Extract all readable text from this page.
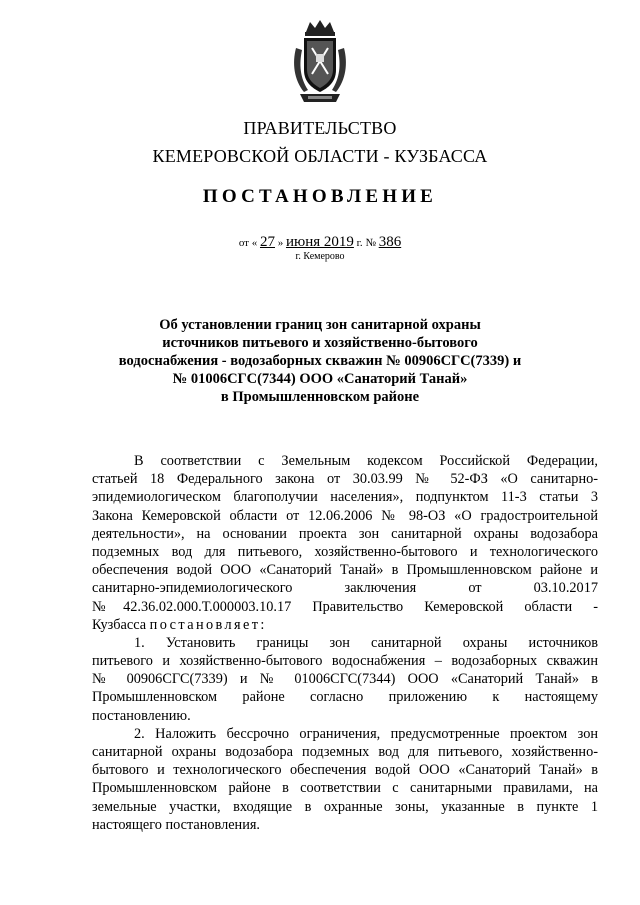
ПРАВИТЕЛЬСТВО
КЕМЕРОВСКОЙ ОБЛАСТИ - КУЗБАССА
ПОСТАНОВЛЕНИЕ
от « 27 » июня 2019 г. № 386
г. Кемерово
Об установлении границ зон санитарной охраны
источников питьевого и хозяйственно-бытового
водоснабжения - водозаборных скважин № 00906СГС(7339) и
№ 01006СГС(7344) ООО «Санаторий Танай»
в Промышленновском районе
В соответствии с Земельным кодексом Российской Федерации,
статьей 18 Федерального закона от 30.03.99 № 52-ФЗ «О санитарно-
эпидемиологическом благополучии населения», подпунктом 11-3 статьи 3
Закона Кемеровской области от 12.06.2006 № 98-ОЗ «О градостроительной
деятельности», на основании проекта зон санитарной охраны водозабора
подземных вод для питьевого, хозяйственно-бытового и технологического
обеспечения водой ООО «Санаторий Танай» в Промышленновском районе и
санитарно-эпидемиологического заключения от 03.10.2017
№42.36.02.000.Т.000003.10.17 Правительство Кемеровской области -
Кузбасса постановляет:
1. Установить границы зон санитарной охраны источников
питьевого и хозяйственно-бытового водоснабжения – водозаборных скважин
№ 00906СГС(7339) и № 01006СГС(7344) ООО «Санаторий Танай» в
Промышленновском районе согласно приложению к настоящему
постановлению.
2. Наложить бессрочно ограничения, предусмотренные проектом зон
санитарной охраны водозабора подземных вод для питьевого, хозяйственно-
бытового и технологического обеспечения водой ООО «Санаторий Танай» в
Промышленновском районе в соответствии с санитарными правилами, на
земельные участки, входящие в охранные зоны, указанные в пункте 1
настоящего постановления.
